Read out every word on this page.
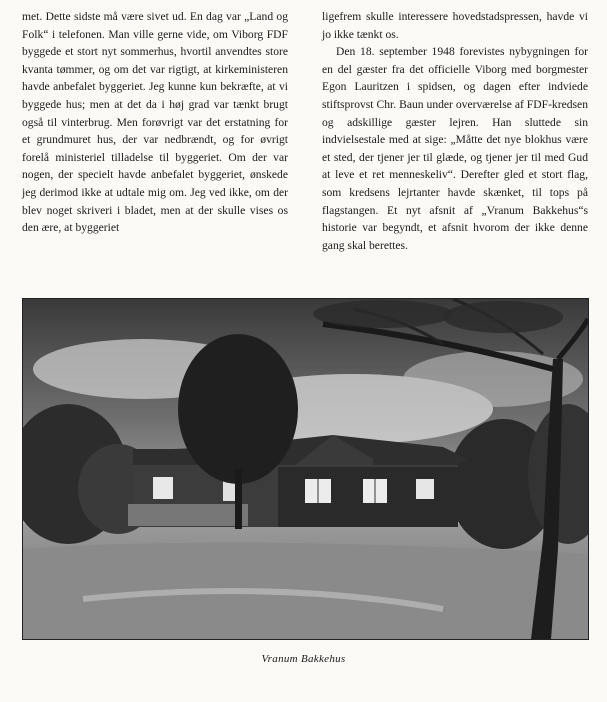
met. Dette sidste må være sivet ud. En dag var „Land og Folk“ i telefonen. Man ville gerne vide, om Viborg FDF byggede et stort nyt sommerhus, hvortil anvendtes store kvanta tømmer, og om det var rigtigt, at kirkeministeren havde anbefalet byggeriet. Jeg kunne kun bekræfte, at vi byggede hus; men at det da i høj grad var tænkt brugt også til vinterbrug. Men forøvrigt var det erstatning for et grundmuret hus, der var nedbrændt, og for øvrigt forelå ministeriel tilladelse til byggeriet. Om der var nogen, der specielt havde anbefalet byggeriet, ønskede jeg derimod ikke at udtale mig om. Jeg ved ikke, om der blev noget skriveri i bladet, men at der skulle vises os den ære, at byggeriet

ligefrem skulle interessere hovedstadspressen, havde vi jo ikke tænkt os.

Den 18. september 1948 forevistes nybygningen for en del gæster fra det officielle Viborg med borgmester Egon Lauritzen i spidsen, og dagen efter indviede stiftsprovst Chr. Baun under overværelse af FDF-kredsen og adskillige gæster lejren. Han sluttede sin indvielsestale med at sige: „Måtte det nye blokhus være et sted, der tjener jer til glæde, og tjener jer til med Gud at leve et ret menneskeliv“. Derefter gled et stort flag, som kredsens lejrtanter havde skænket, til tops på flagstangen. Et nyt afsnit af „Vranum Bakkehus“s historie var begyndt, et afsnit hvorom der ikke denne gang skal berettes.

Vranum Bakkehus
